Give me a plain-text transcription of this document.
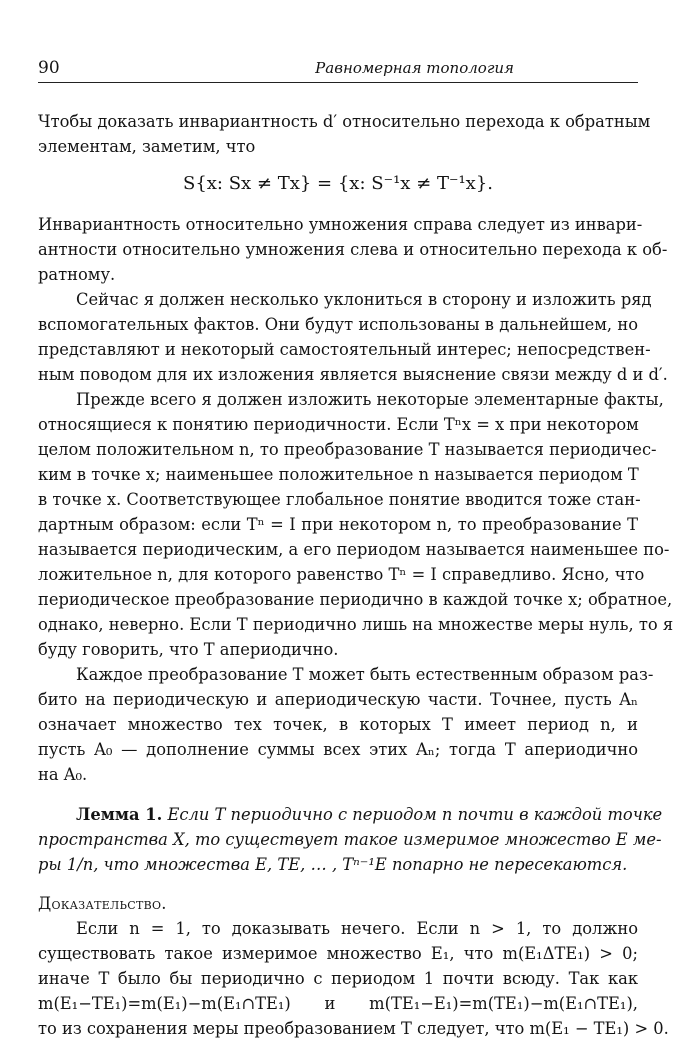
90	Равномерная топология
Чтобы доказать инвариантность d′ относительно перехода к обратным
элементам, заметим, что
S{x: Sx ≠ Tx} = {x: S⁻¹x ≠ T⁻¹x}.
Инвариантность относительно умножения справа следует из инвари-
антности относительно умножения слева и относительно перехода к об-
ратному.
Сейчас я должен несколько уклониться в сторону и изложить ряд
вспомогательных фактов. Они будут использованы в дальнейшем, но
представляют и некоторый самостоятельный интерес; непосредствен-
ным поводом для их изложения является выяснение связи между d и d′.
Прежде всего я должен изложить некоторые элементарные факты,
относящиеся к понятию периодичности. Если Tⁿx = x при некотором
целом положительном n, то преобразование T называется периодичес-
ким в точке x; наименьшее положительное n называется периодом T
в точке x. Соответствующее глобальное понятие вводится тоже стан-
дартным образом: если Tⁿ = I при некотором n, то преобразование T
называется периодическим, а его периодом называется наименьшее по-
ложительное n, для которого равенство Tⁿ = I справедливо. Ясно, что
периодическое преобразование периодично в каждой точке x; обратное,
однако, неверно. Если T периодично лишь на множестве меры нуль, то я
буду говорить, что T апериодично.
Каждое преобразование T может быть естественным образом раз-
бито на периодическую и апериодическую части. Точнее, пусть Aₙ
означает множество тех точек, в которых T имеет период n, и
пусть A₀ — дополнение суммы всех этих Aₙ; тогда T апериодично
на A₀.
Лемма 1. Если T периодично с периодом n почти в каждой точке
пространства X, то существует такое измеримое множество E ме-
ры 1/n, что множества E, TE, … , Tⁿ⁻¹E попарно не пересекаются.
Доказательство.
Если n = 1, то доказывать нечего. Если n > 1, то должно
существовать такое измеримое множество E₁, что m(E₁ΔTE₁) > 0;
иначе T было бы периодично с периодом 1 почти всюду. Так как
m(E₁−TE₁)=m(E₁)−m(E₁∩TE₁) и m(TE₁−E₁)=m(TE₁)−m(E₁∩TE₁),
то из сохранения меры преобразованием T следует, что m(E₁ − TE₁) > 0.
